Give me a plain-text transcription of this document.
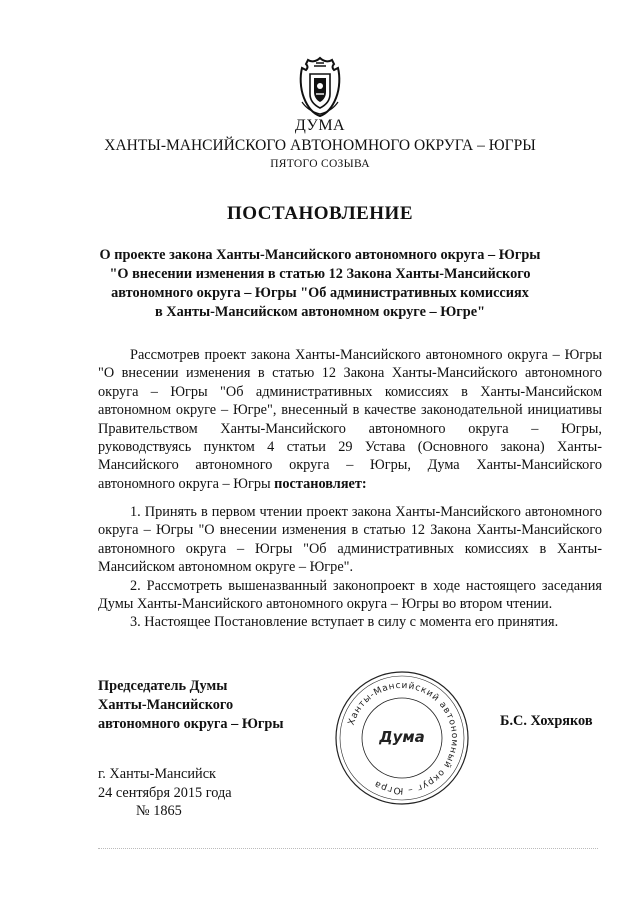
ДУМА
ХАНТЫ-МАНСИЙСКОГО АВТОНОМНОГО ОКРУГА – ЮГРЫ
ПЯТОГО СОЗЫВА
ПОСТАНОВЛЕНИЕ
О проекте закона Ханты-Мансийского автономного округа – Югры
"О внесении изменения в статью 12 Закона Ханты-Мансийского
автономного округа – Югры "Об административных комиссиях
в Ханты-Мансийском автономном округе – Югре"

Рассмотрев проект закона Ханты-Мансийского автономного округа – Югры "О внесении изменения в статью 12 Закона Ханты-Мансийского автономного округа – Югры "Об административных комиссиях в Ханты-Мансийском автономном округе – Югре", внесенный в качестве законодательной инициативы Правительством Ханты-Мансийского автономного округа – Югры, руководствуясь пунктом 4 статьи 29 Устава (Основного закона) Ханты-Мансийского автономного округа – Югры, Дума Ханты-Мансийского автономного округа – Югры постановляет:

1. Принять в первом чтении проект закона Ханты-Мансийского автономного округа – Югры "О внесении изменения в статью 12 Закона Ханты-Мансийского автономного округа – Югры "Об административных комиссиях в Ханты-Мансийском автономном округе – Югре".

2. Рассмотреть вышеназванный законопроект в ходе настоящего заседания Думы Ханты-Мансийского автономного округа – Югры во втором чтении.

3. Настоящее Постановление вступает в силу с момента его принятия.

Председатель Думы
Ханты-Мансийского
автономного округа – Югры	Б.С. Хохряков
Ханты-Мансийский автономный округ – Югра
Дума
г. Ханты-Мансийск
24 сентября 2015 года
№ 1865
